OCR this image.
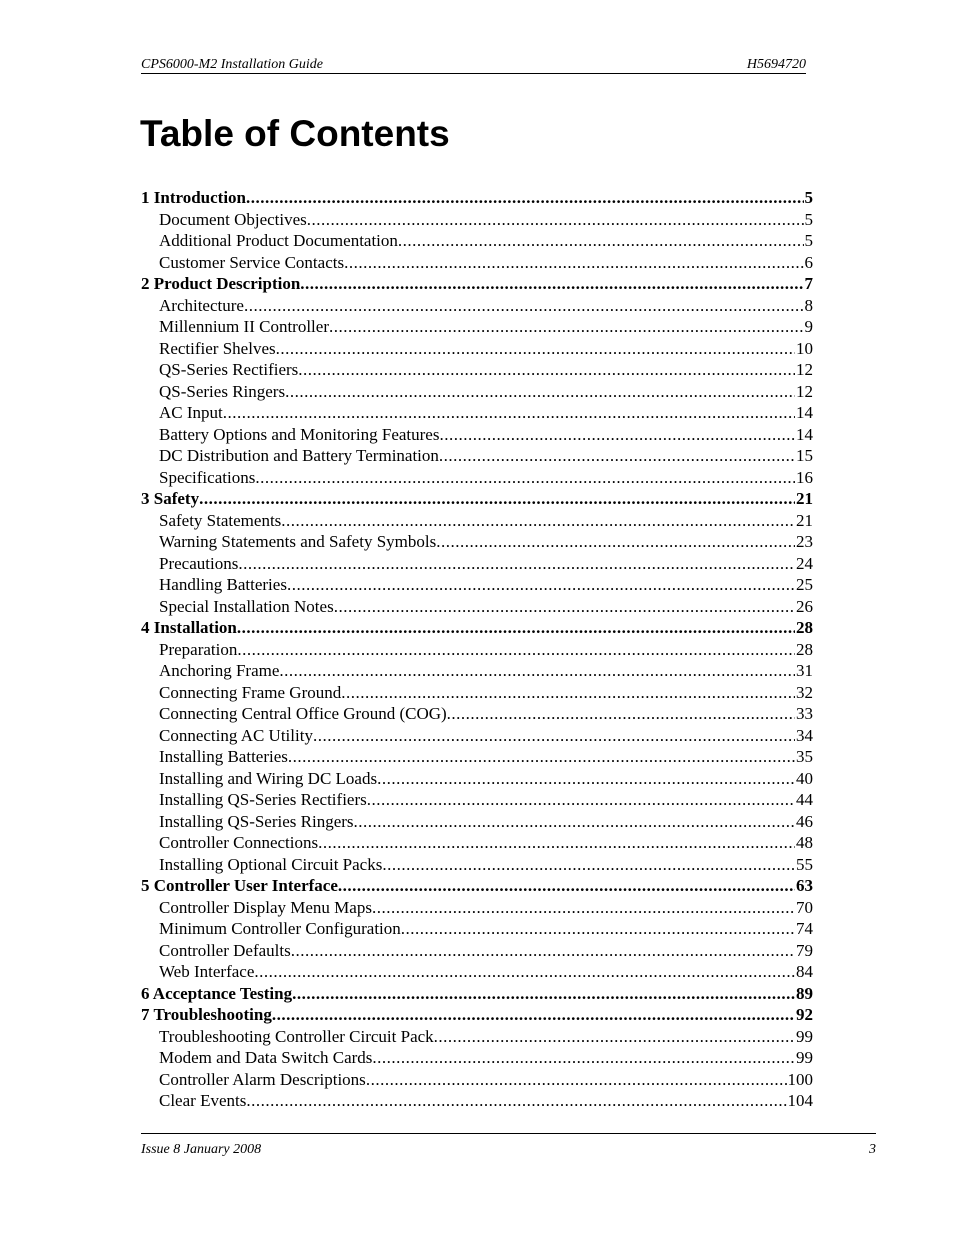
CPS6000-M2 Installation Guide	H5694720
Table of Contents
1 Introduction .....	5
Document Objectives .....	5
Additional Product Documentation .....	5
Customer Service Contacts .....	6
2 Product Description .....	7
Architecture .....	8
Millennium II Controller .....	9
Rectifier Shelves .....	10
QS-Series Rectifiers .....	12
QS-Series Ringers .....	12
AC Input .....	14
Battery Options and Monitoring Features .....	14
DC Distribution and Battery Termination .....	15
Specifications .....	16
3 Safety .....	21
Safety Statements .....	21
Warning Statements and Safety Symbols .....	23
Precautions .....	24
Handling Batteries .....	25
Special Installation Notes .....	26
4 Installation .....	28
Preparation .....	28
Anchoring Frame .....	31
Connecting Frame Ground .....	32
Connecting Central Office Ground (COG) .....	33
Connecting AC Utility .....	34
Installing Batteries .....	35
Installing and Wiring DC Loads .....	40
Installing QS-Series Rectifiers .....	44
Installing QS-Series Ringers .....	46
Controller Connections .....	48
Installing Optional Circuit Packs .....	55
5 Controller User Interface .....	63
Controller Display Menu Maps .....	70
Minimum Controller Configuration .....	74
Controller Defaults .....	79
Web Interface .....	84
6 Acceptance Testing .....	89
7 Troubleshooting .....	92
Troubleshooting Controller Circuit Pack .....	99
Modem and Data Switch Cards .....	99
Controller Alarm Descriptions .....	100
Clear Events .....	104
Issue 8 January 2008	3
